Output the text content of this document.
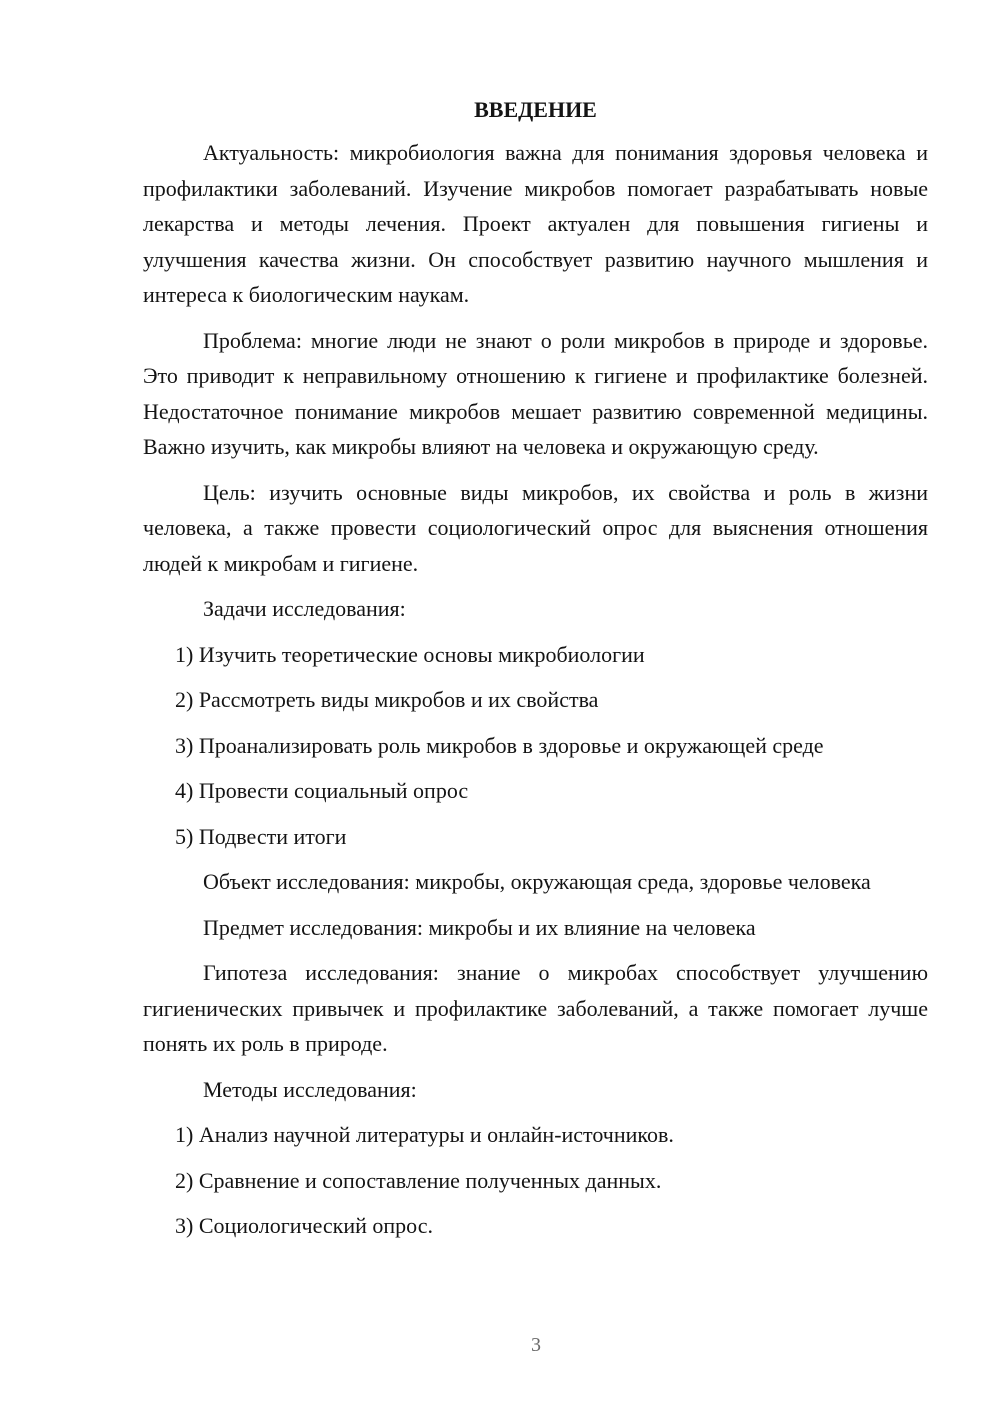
ВВЕДЕНИЕ

Актуальность: микробиология важна для понимания здоровья человека и профилактики заболеваний. Изучение микробов помогает разрабатывать новые лекарства и методы лечения. Проект актуален для повышения гигиены и улучшения качества жизни. Он способствует развитию научного мышления и интереса к биологическим наукам.

Проблема: многие люди не знают о роли микробов в природе и здоровье. Это приводит к неправильному отношению к гигиене и профилактике болезней. Недостаточное понимание микробов мешает развитию современной медицины. Важно изучить, как микробы влияют на человека и окружающую среду.

Цель: изучить основные виды микробов, их свойства и роль в жизни человека, а также провести социологический опрос для выяснения отношения людей к микробам и гигиене.

Задачи исследования:

1) Изучить теоретические основы микробиологии

2) Рассмотреть виды микробов и их свойства

3) Проанализировать роль микробов в здоровье и окружающей среде

4) Провести социальный опрос

5) Подвести итоги

Объект исследования: микробы, окружающая среда, здоровье человека

Предмет исследования: микробы и их влияние на человека

Гипотеза исследования: знание о микробах способствует улучшению гигиенических привычек и профилактике заболеваний, а также помогает лучше понять их роль в природе.

Методы исследования:

1) Анализ научной литературы и онлайн-источников.

2) Сравнение и сопоставление полученных данных.

3) Социологический опрос.

3
